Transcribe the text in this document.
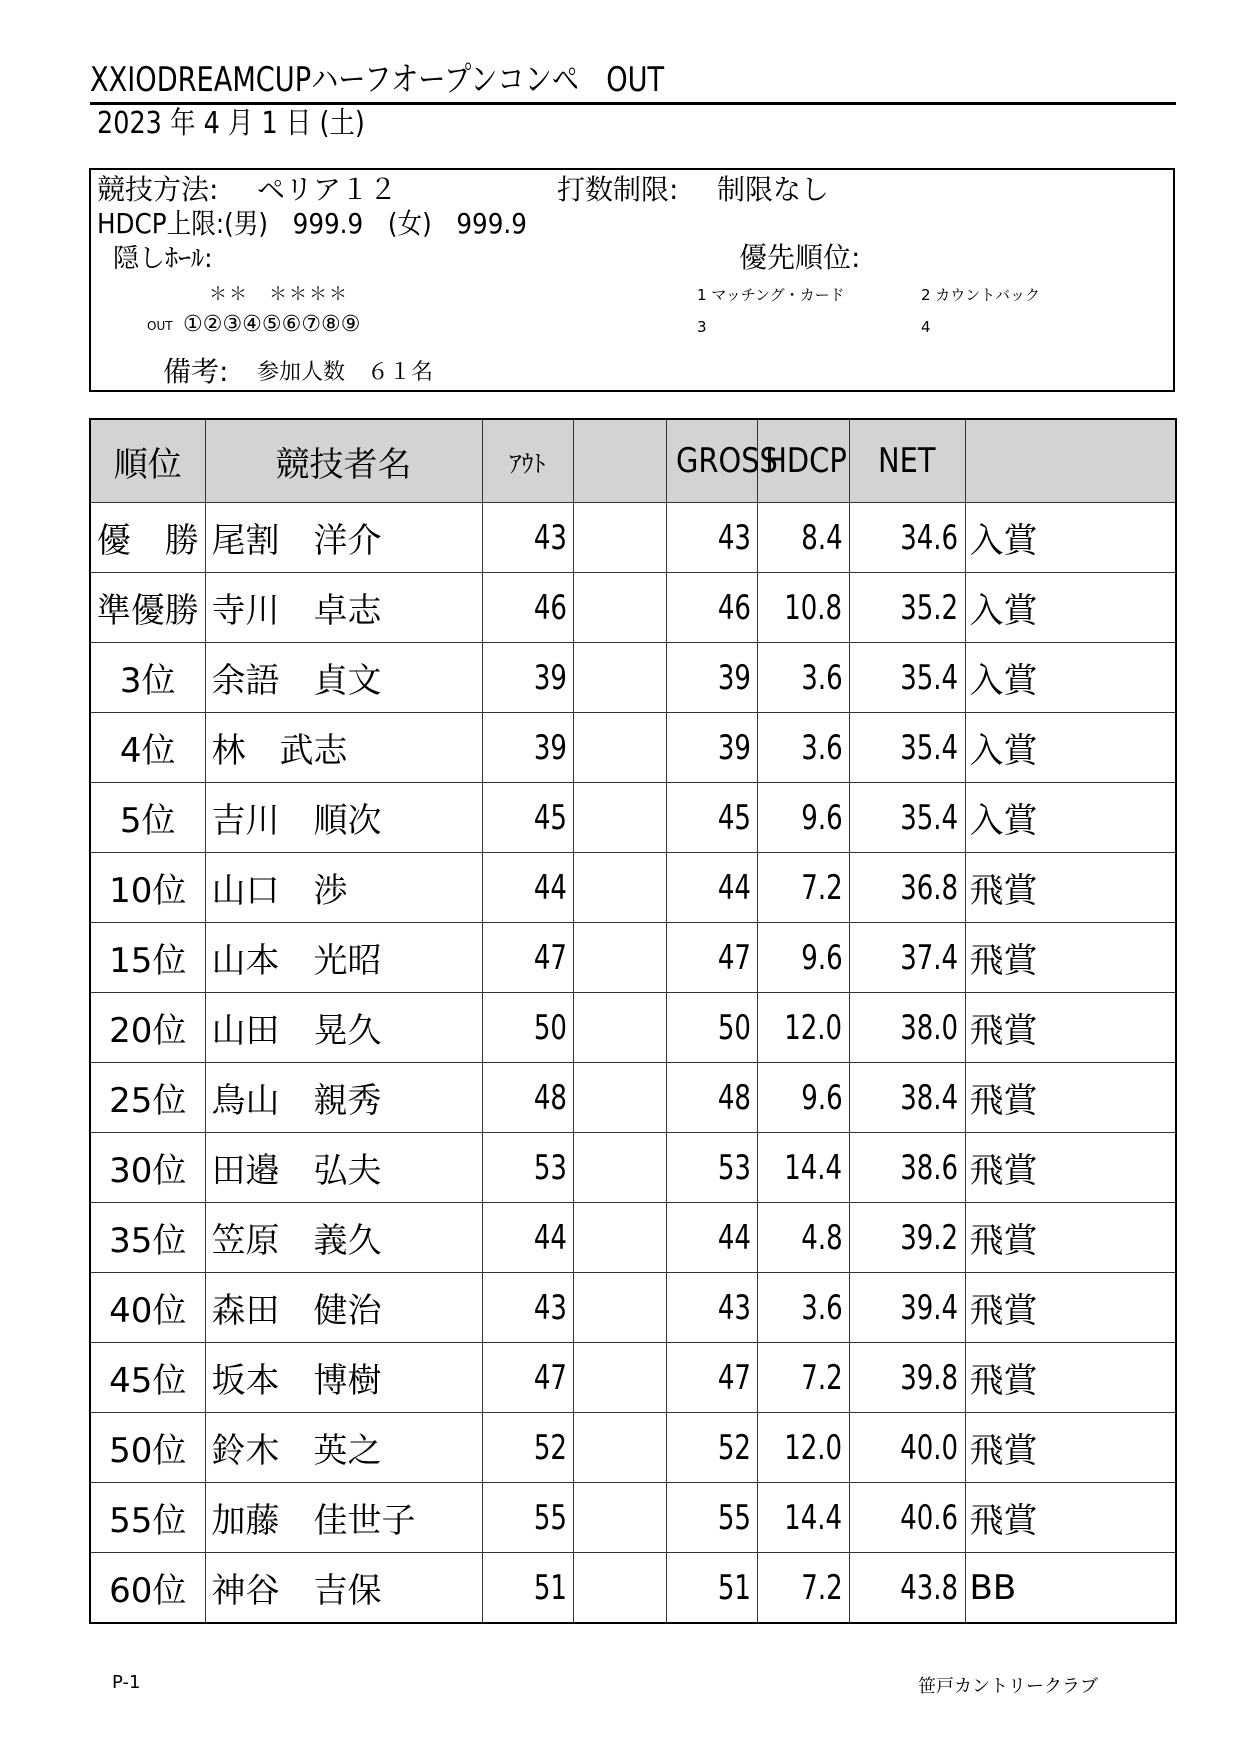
XXIODREAMCUPハーフオープンコンペ　OUT
2023 年 4 月 1 日 (土)
競技方法: ペリア１２	打数制限: 制限なし
HDCP上限:(男)　999.9　(女)　999.9
隠しﾎｰﾙ:	優先順位:
＊＊　＊＊＊＊	1 マッチング・カード	2 カウントバック
OUT ①②③④⑤⑥⑦⑧⑨	3	4
備考: 参加人数　６１名
順位	競技者名	ｱｳﾄ		GROSS	HDCP	NET	
優　勝	尾割　洋介	43		43	8.4	34.6	入賞
準優勝	寺川　卓志	46		46	10.8	35.2	入賞
3位	余語　貞文	39		39	3.6	35.4	入賞
4位	林　武志	39		39	3.6	35.4	入賞
5位	吉川　順次	45		45	9.6	35.4	入賞
10位	山口　渉	44		44	7.2	36.8	飛賞
15位	山本　光昭	47		47	9.6	37.4	飛賞
20位	山田　晃久	50		50	12.0	38.0	飛賞
25位	鳥山　親秀	48		48	9.6	38.4	飛賞
30位	田邉　弘夫	53		53	14.4	38.6	飛賞
35位	笠原　義久	44		44	4.8	39.2	飛賞
40位	森田　健治	43		43	3.6	39.4	飛賞
45位	坂本　博樹	47		47	7.2	39.8	飛賞
50位	鈴木　英之	52		52	12.0	40.0	飛賞
55位	加藤　佳世子	55		55	14.4	40.6	飛賞
60位	神谷　吉保	51		51	7.2	43.8	BB
P-1	笹戸カントリークラブ
